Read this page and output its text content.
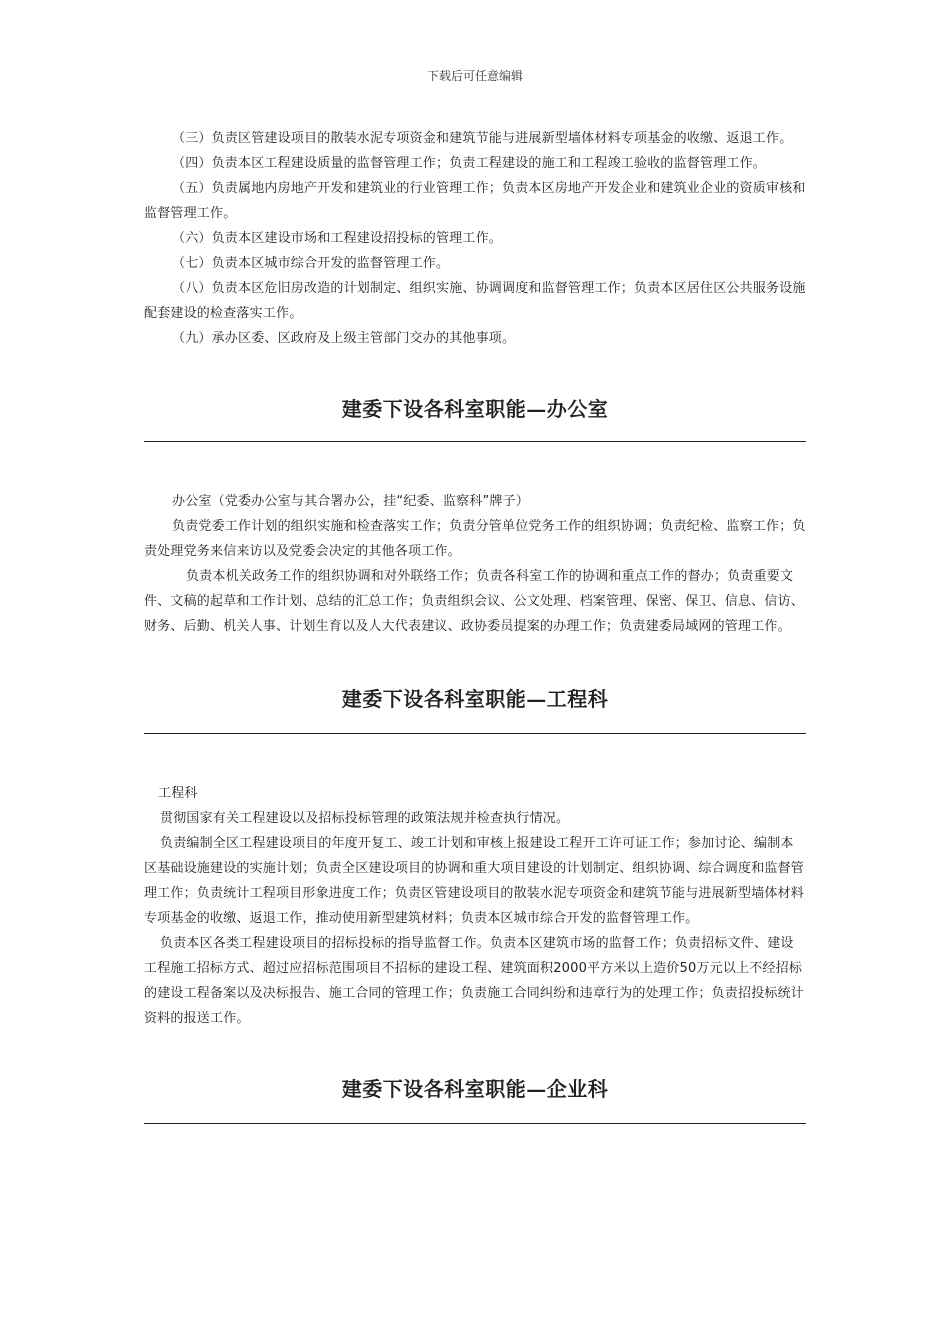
下载后可任意编辑

（三）负责区管建设项目的散装水泥专项资金和建筑节能与进展新型墙体材料专项基金的收缴、返退工作。

（四）负责本区工程建设质量的监督管理工作；负责工程建设的施工和工程竣工验收的监督管理工作。

（五）负责属地内房地产开发和建筑业的行业管理工作；负责本区房地产开发企业和建筑业企业的资质审核和监督管理工作。

（六）负责本区建设市场和工程建设招投标的管理工作。

（七）负责本区城市综合开发的监督管理工作。

（八）负责本区危旧房改造的计划制定、组织实施、协调调度和监督管理工作；负责本区居住区公共服务设施配套建设的检查落实工作。

（九）承办区委、区政府及上级主管部门交办的其他事项。

建委下设各科室职能—办公室

办公室（党委办公室与其合署办公，挂“纪委、监察科”牌子）

负责党委工作计划的组织实施和检查落实工作；负责分管单位党务工作的组织协调；负责纪检、监察工作；负责处理党务来信来访以及党委会决定的其他各项工作。

负责本机关政务工作的组织协调和对外联络工作；负责各科室工作的协调和重点工作的督办；负责重要文件、文稿的起草和工作计划、总结的汇总工作；负责组织会议、公文处理、档案管理、保密、保卫、信息、信访、财务、后勤、机关人事、计划生育以及人大代表建议、政协委员提案的办理工作；负责建委局域网的管理工作。

建委下设各科室职能—工程科

工程科

贯彻国家有关工程建设以及招标投标管理的政策法规并检查执行情况。

负责编制全区工程建设项目的年度开复工、竣工计划和审核上报建设工程开工许可证工作；参加讨论、编制本区基础设施建设的实施计划；负责全区建设项目的协调和重大项目建设的计划制定、组织协调、综合调度和监督管理工作；负责统计工程项目形象进度工作；负责区管建设项目的散装水泥专项资金和建筑节能与进展新型墙体材料专项基金的收缴、返退工作，推动使用新型建筑材料；负责本区城市综合开发的监督管理工作。

负责本区各类工程建设项目的招标投标的指导监督工作。负责本区建筑市场的监督工作；负责招标文件、建设工程施工招标方式、超过应招标范围项目不招标的建设工程、建筑面积2000平方米以上造价50万元以上不经招标的建设工程备案以及决标报告、施工合同的管理工作；负责施工合同纠纷和违章行为的处理工作；负责招投标统计资料的报送工作。

建委下设各科室职能—企业科
